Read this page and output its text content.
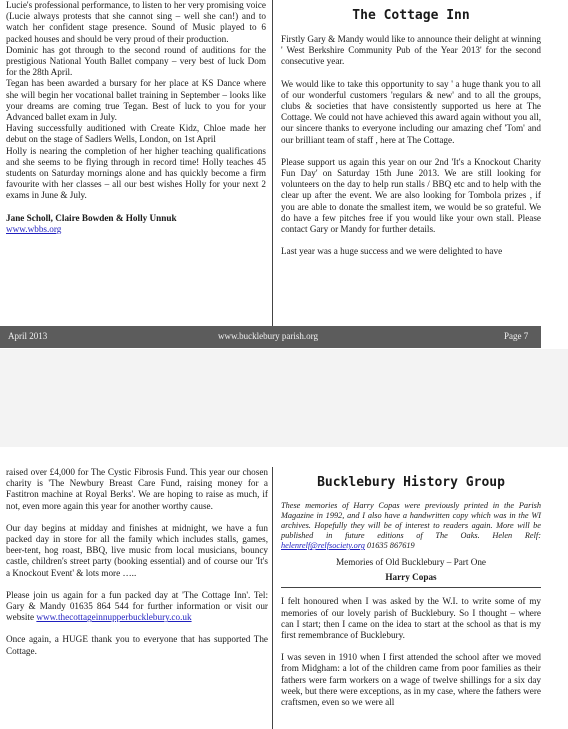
Lucie's professional performance, to listen to her very promising voice (Lucie always protests that she cannot sing – well she can!) and to watch her confident stage presence. Sound of Music played to 6 packed houses and should be very proud of their production.

Dominic has got through to the second round of auditions for the prestigious National Youth Ballet company – very best of luck Dom for the 28th April.

Tegan has been awarded a bursary for her place at KS Dance where she will begin her vocational ballet training in September – looks like your dreams are coming true Tegan. Best of luck to you for your Advanced ballet exam in July.

Having successfully auditioned with Create Kidz, Chloe made her debut on the stage of Sadlers Wells, London, on 1st April

Holly is nearing the completion of her higher teaching qualifications and she seems to be flying through in record time! Holly teaches 45 students on Saturday mornings alone and has quickly become a firm favourite with her classes – all our best wishes Holly for your next 2 exams in June & July.

Jane Scholl, Claire Bowden & Holly Unnuk

www.wbbs.org

The Cottage Inn

Firstly Gary & Mandy would like to announce their delight at winning ' West Berkshire Community Pub of the Year 2013' for the second consecutive year.

We would like to take this opportunity to say ' a huge thank you to all of our wonderful customers 'regulars & new' and to all the groups, clubs & societies that have consistently supported us here at The Cottage. We could not have achieved this award again without you all, our sincere thanks to everyone including our amazing chef 'Tom' and our brilliant team of staff , here at The Cottage.

Please support us again this year on our 2nd 'It's a Knockout Charity Fun Day' on Saturday 15th June 2013. We are still looking for volunteers on the day to help run stalls / BBQ etc and to help with the clear up after the event. We are also looking for Tombola prizes , if you are able to donate the smallest item, we would be so grateful. We do have a few pitches free if you would like your own stall. Please contact Gary or Mandy for further details.

Last year was a huge success and we were delighted to have

April 2013	www.bucklebury parish.org	Page 7

raised over £4,000 for The Cystic Fibrosis Fund. This year our chosen charity is 'The Newbury Breast Care Fund, raising money for a Fastitron machine at Royal Berks'. We are hoping to raise as much, if not, even more again this year for another worthy cause.

Our day begins at midday and finishes at midnight, we have a fun packed day in store for all the family which includes stalls, games, beer-tent, hog roast, BBQ, live music from local musicians, bouncy castle, children's street party (booking essential) and of course our 'It's a Knockout Event' & lots more …..

Please join us again for a fun packed day at 'The Cottage Inn'. Tel: Gary & Mandy 01635 864 544 for further information or visit our website www.thecottageinnupperbucklebury.co.uk

Once again, a HUGE thank you to everyone that has supported The Cottage.

Bucklebury History Group

These memories of Harry Copas were previously printed in the Parish Magazine in 1992, and I also have a handwritten copy which was in the WI archives. Hopefully they will be of interest to readers again. More will be published in future editions of The Oaks. Helen Relf: helenrelf@relfsociety.org 01635 867619

Memories of Old Bucklebury – Part One

Harry Copas

I felt honoured when I was asked by the W.I. to write some of my memories of our lovely parish of Bucklebury. So I thought – where can I start; then I came on the idea to start at the school as that is my first remembrance of Bucklebury.

I was seven in 1910 when I first attended the school after we moved from Midgham: a lot of the children came from poor families as their fathers were farm workers on a wage of twelve shillings for a six day week, but there were exceptions, as in my case, where the fathers were craftsmen, even so we were all
